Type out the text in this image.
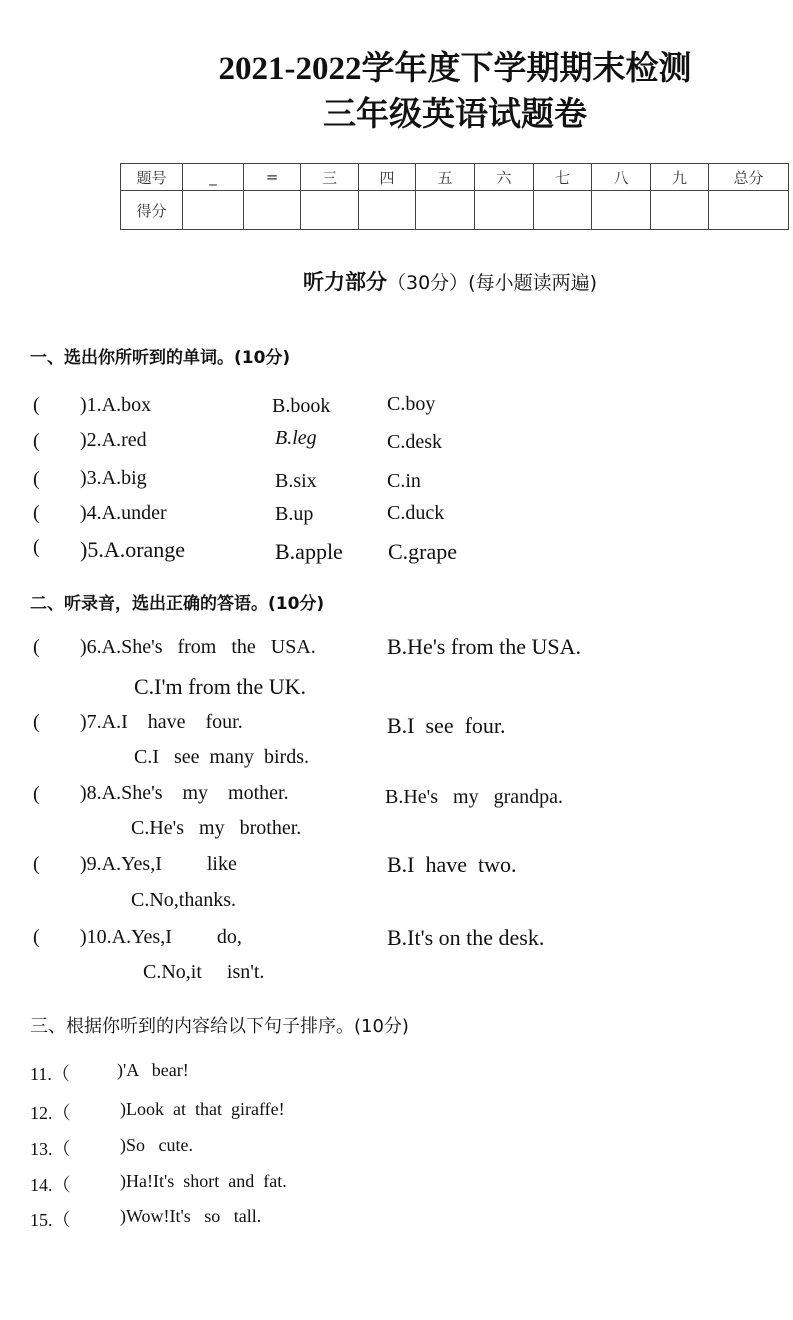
2021-2022学年度下学期期末检测
三年级英语试题卷
题号	_	=	三	四	五	六	七	八	九	总分
得分										
听力部分（30分）(每小题读两遍)
一、选出你所听到的单词。(10分)
( )1.A.box	B.book	C.boy
( )2.A.red	B.leg	C.desk
( )3.A.big	B.six	C.in
( )4.A.under	B.up	C.duck
( )5.A.orange	B.apple C.grape
二、听录音，选出正确的答语。(10分)
( )6.A.She's   from   the   USA.	B.He's from the USA.
C.I'm from the UK.
( )7.A.I    have    four.	B.I  see  four.
C.I   see  many  birds.
( )8.A.She's    my    mother.	B.He's   my   grandpa.
C.He's   my   brother.
( )9.A.Yes,I         like	B.I  have  two.
C.No,thanks.
( )10.A.Yes,I         do,	B.It's on the desk.
C.No,it     isn't.
三、根据你听到的内容给以下句子排序。(10分)
11.（	)'A   bear!
12.（	)Look  at  that  giraffe!
13.（	)So   cute.
14.（	)Ha!It's  short  and  fat.
15.（	)Wow!It's   so   tall.
